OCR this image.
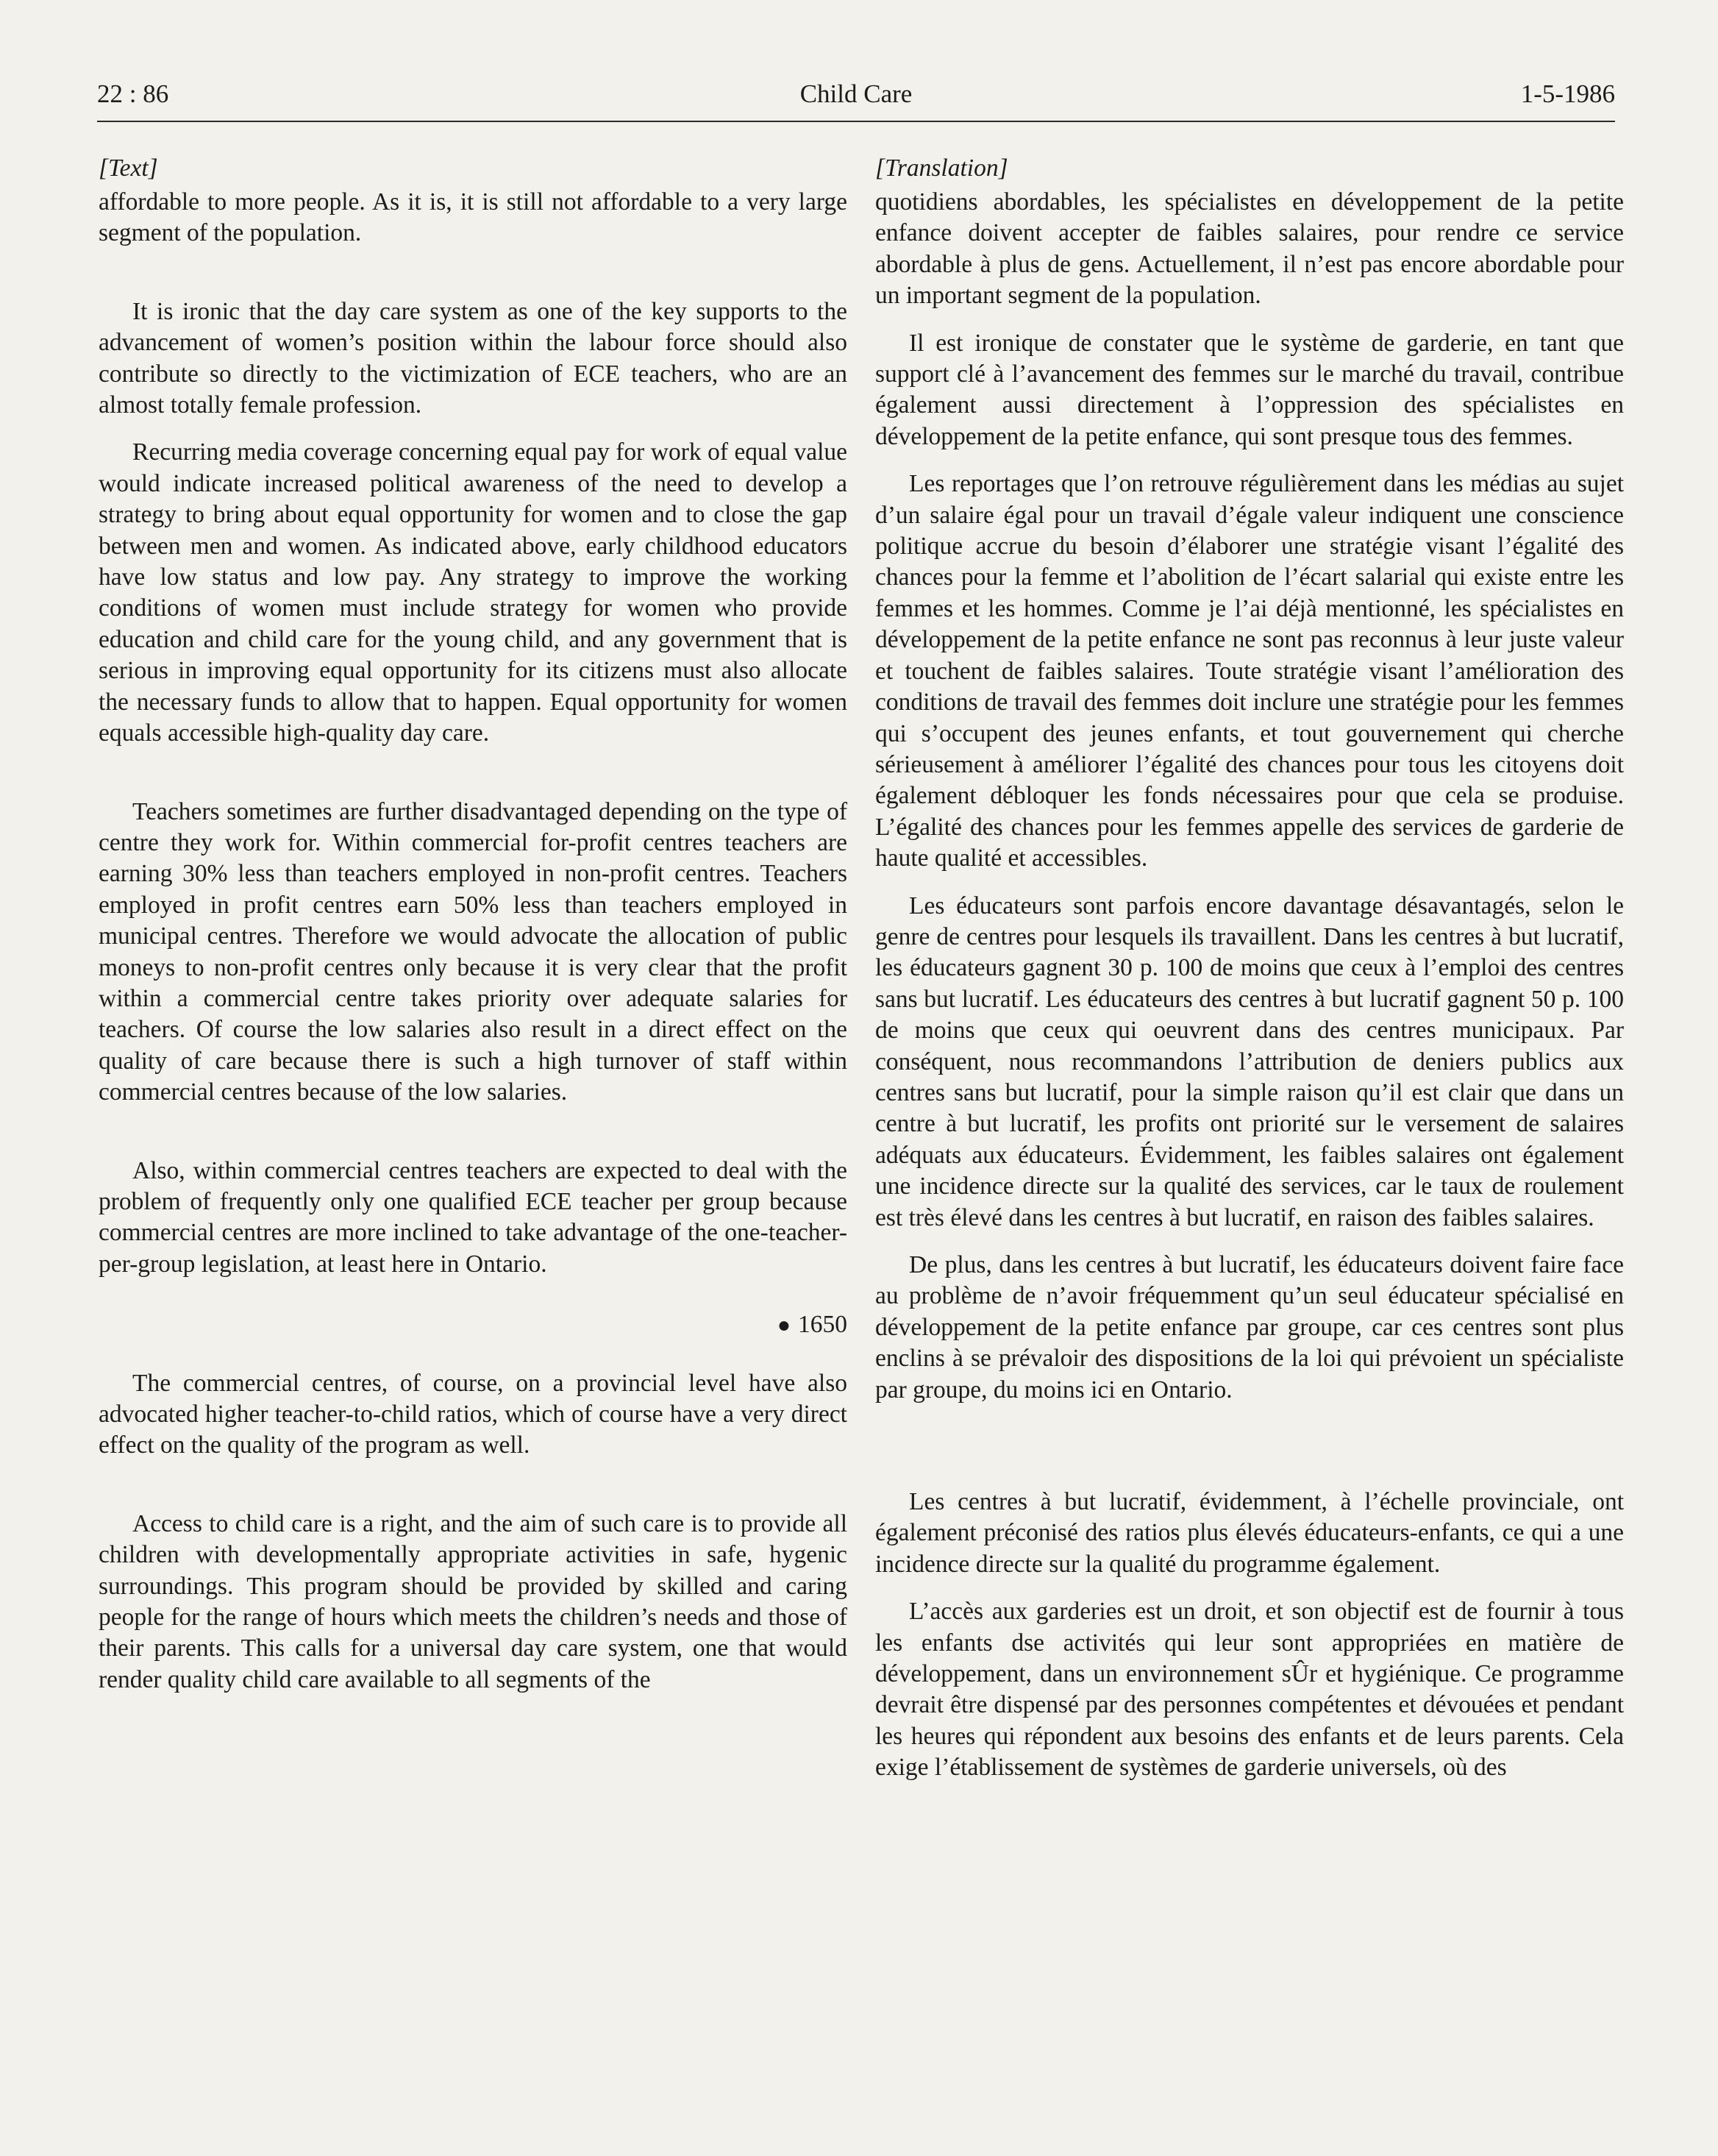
22 : 86	Child Care	1-5-1986
[Text]

affordable to more people. As it is, it is still not affordable to a very large segment of the population.

It is ironic that the day care system as one of the key supports to the advancement of women’s position within the labour force should also contribute so directly to the victimization of ECE teachers, who are an almost totally female profession.

Recurring media coverage concerning equal pay for work of equal value would indicate increased political awareness of the need to develop a strategy to bring about equal opportunity for women and to close the gap between men and women. As indicated above, early childhood educators have low status and low pay. Any strategy to improve the working conditions of women must include strategy for women who provide education and child care for the young child, and any government that is serious in improving equal opportunity for its citizens must also allocate the necessary funds to allow that to happen. Equal opportunity for women equals accessible high-quality day care.

Teachers sometimes are further disadvantaged depending on the type of centre they work for. Within commercial for-profit centres teachers are earning 30% less than teachers employed in non-profit centres. Teachers employed in profit centres earn 50% less than teachers employed in municipal centres. Therefore we would advocate the allocation of public moneys to non-profit centres only because it is very clear that the profit within a commercial centre takes priority over adequate salaries for teachers. Of course the low salaries also result in a direct effect on the quality of care because there is such a high turnover of staff within commercial centres because of the low salaries.

Also, within commercial centres teachers are expected to deal with the problem of frequently only one qualified ECE teacher per group because commercial centres are more inclined to take advantage of the one-teacher-per-group legislation, at least here in Ontario.

● 1650

The commercial centres, of course, on a provincial level have also advocated higher teacher-to-child ratios, which of course have a very direct effect on the quality of the program as well.

Access to child care is a right, and the aim of such care is to provide all children with developmentally appropriate activities in safe, hygenic surroundings. This program should be provided by skilled and caring people for the range of hours which meets the children’s needs and those of their parents. This calls for a universal day care system, one that would render quality child care available to all segments of the

[Translation]

quotidiens abordables, les spécialistes en développement de la petite enfance doivent accepter de faibles salaires, pour rendre ce service abordable à plus de gens. Actuellement, il n’est pas encore abordable pour un important segment de la population.

Il est ironique de constater que le système de garderie, en tant que support clé à l’avancement des femmes sur le marché du travail, contribue également aussi directement à l’oppression des spécialistes en développement de la petite enfance, qui sont presque tous des femmes.

Les reportages que l’on retrouve régulièrement dans les médias au sujet d’un salaire égal pour un travail d’égale valeur indiquent une conscience politique accrue du besoin d’élaborer une stratégie visant l’égalité des chances pour la femme et l’abolition de l’écart salarial qui existe entre les femmes et les hommes. Comme je l’ai déjà mentionné, les spécialistes en développement de la petite enfance ne sont pas reconnus à leur juste valeur et touchent de faibles salaires. Toute stratégie visant l’amélioration des conditions de travail des femmes doit inclure une stratégie pour les femmes qui s’occupent des jeunes enfants, et tout gouvernement qui cherche sérieusement à améliorer l’égalité des chances pour tous les citoyens doit également débloquer les fonds nécessaires pour que cela se produise. L’égalité des chances pour les femmes appelle des services de garderie de haute qualité et accessibles.

Les éducateurs sont parfois encore davantage désavantagés, selon le genre de centres pour lesquels ils travaillent. Dans les centres à but lucratif, les éducateurs gagnent 30 p. 100 de moins que ceux à l’emploi des centres sans but lucratif. Les éducateurs des centres à but lucratif gagnent 50 p. 100 de moins que ceux qui oeuvrent dans des centres municipaux. Par conséquent, nous recommandons l’attribution de deniers publics aux centres sans but lucratif, pour la simple raison qu’il est clair que dans un centre à but lucratif, les profits ont priorité sur le versement de salaires adéquats aux éducateurs. Évidemment, les faibles salaires ont également une incidence directe sur la qualité des services, car le taux de roulement est très élevé dans les centres à but lucratif, en raison des faibles salaires.

De plus, dans les centres à but lucratif, les éducateurs doivent faire face au problème de n’avoir fréquemment qu’un seul éducateur spécialisé en développement de la petite enfance par groupe, car ces centres sont plus enclins à se prévaloir des dispositions de la loi qui prévoient un spécialiste par groupe, du moins ici en Ontario.

Les centres à but lucratif, évidemment, à l’échelle provinciale, ont également préconisé des ratios plus élevés éducateurs-enfants, ce qui a une incidence directe sur la qualité du programme également.

L’accès aux garderies est un droit, et son objectif est de fournir à tous les enfants dse activités qui leur sont appropriées en matière de développement, dans un environnement sÛr et hygiénique. Ce programme devrait être dispensé par des personnes compétentes et dévouées et pendant les heures qui répondent aux besoins des enfants et de leurs parents. Cela exige l’établissement de systèmes de garderie universels, où des
